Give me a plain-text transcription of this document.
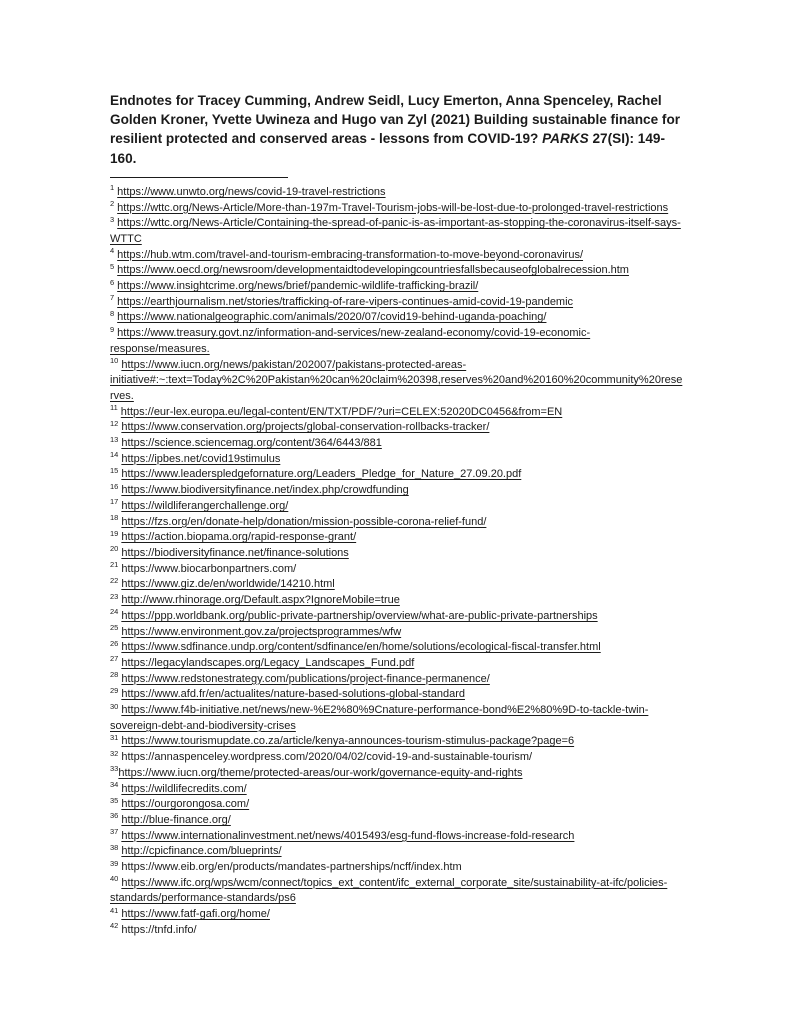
Endnotes for Tracey Cumming, Andrew Seidl, Lucy Emerton, Anna Spenceley, Rachel Golden Kroner, Yvette Uwineza and Hugo van Zyl (2021) Building sustainable finance for resilient protected and conserved areas - lessons from COVID-19? PARKS 27(SI): 149-160.

$^1$ https://www.unwto.org/news/covid-19-travel-restrictions
$^2$ https://wttc.org/News-Article/More-than-197m-Travel-Tourism-jobs-will-be-lost-due-to-prolonged-travel-restrictions
$^3$ https://wttc.org/News-Article/Containing-the-spread-of-panic-is-as-important-as-stopping-the-coronavirus-itself-says-WTTC
$^4$ https://hub.wtm.com/travel-and-tourism-embracing-transformation-to-move-beyond-coronavirus/
$^5$ https://www.oecd.org/newsroom/developmentaidtodevelopingcountriesfallsbecauseofglobalrecession.htm
$^6$ https://www.insightcrime.org/news/brief/pandemic-wildlife-trafficking-brazil/
$^7$ https://earthjournalism.net/stories/trafficking-of-rare-vipers-continues-amid-covid-19-pandemic
$^8$ https://www.nationalgeographic.com/animals/2020/07/covid19-behind-uganda-poaching/
$^9$ https://www.treasury.govt.nz/information-and-services/new-zealand-economy/covid-19-economic-response/measures.
$^{10}$ https://www.iucn.org/news/pakistan/202007/pakistans-protected-areas-initiative#:~:text=Today%2C%20Pakistan%20can%20claim%20398,reserves%20and%20160%20community%20reserves.
$^{11}$ https://eur-lex.europa.eu/legal-content/EN/TXT/PDF/?uri=CELEX:52020DC0456&from=EN
$^{12}$ https://www.conservation.org/projects/global-conservation-rollbacks-tracker/
$^{13}$ https://science.sciencemag.org/content/364/6443/881
$^{14}$ https://ipbes.net/covid19stimulus
$^{15}$ https://www.leaderspledgefornature.org/Leaders_Pledge_for_Nature_27.09.20.pdf
$^{16}$ https://www.biodiversityfinance.net/index.php/crowdfunding
$^{17}$ https://wildliferangerchallenge.org/
$^{18}$ https://fzs.org/en/donate-help/donation/mission-possible-corona-relief-fund/
$^{19}$ https://action.biopama.org/rapid-response-grant/
$^{20}$ https://biodiversityfinance.net/finance-solutions
$^{21}$ https://www.biocarbonpartners.com/
$^{22}$ https://www.giz.de/en/worldwide/14210.html
$^{23}$ http://www.rhinorage.org/Default.aspx?IgnoreMobile=true
$^{24}$ https://ppp.worldbank.org/public-private-partnership/overview/what-are-public-private-partnerships
$^{25}$ https://www.environment.gov.za/projectsprogrammes/wfw
$^{26}$ https://www.sdfinance.undp.org/content/sdfinance/en/home/solutions/ecological-fiscal-transfer.html
$^{27}$ https://legacylandscapes.org/Legacy_Landscapes_Fund.pdf
$^{28}$ https://www.redstonestrategy.com/publications/project-finance-permanence/
$^{29}$ https://www.afd.fr/en/actualites/nature-based-solutions-global-standard
$^{30}$ https://www.f4b-initiative.net/news/new-%E2%80%9Cnature-performance-bond%E2%80%9D-to-tackle-twin-sovereign-debt-and-biodiversity-crises
$^{31}$ https://www.tourismupdate.co.za/article/kenya-announces-tourism-stimulus-package?page=6
$^{32}$ https://annaspenceley.wordpress.com/2020/04/02/covid-19-and-sustainable-tourism/
$^{33}$https://www.iucn.org/theme/protected-areas/our-work/governance-equity-and-rights
$^{34}$ https://wildlifecredits.com/
$^{35}$ https://ourgorongosa.com/
$^{36}$ http://blue-finance.org/
$^{37}$ https://www.internationalinvestment.net/news/4015493/esg-fund-flows-increase-fold-research
$^{38}$ http://cpicfinance.com/blueprints/
$^{39}$ https://www.eib.org/en/products/mandates-partnerships/ncff/index.htm
$^{40}$ https://www.ifc.org/wps/wcm/connect/topics_ext_content/ifc_external_corporate_site/sustainability-at-ifc/policies-standards/performance-standards/ps6
$^{41}$ https://www.fatf-gafi.org/home/
$^{42}$ https://tnfd.info/
